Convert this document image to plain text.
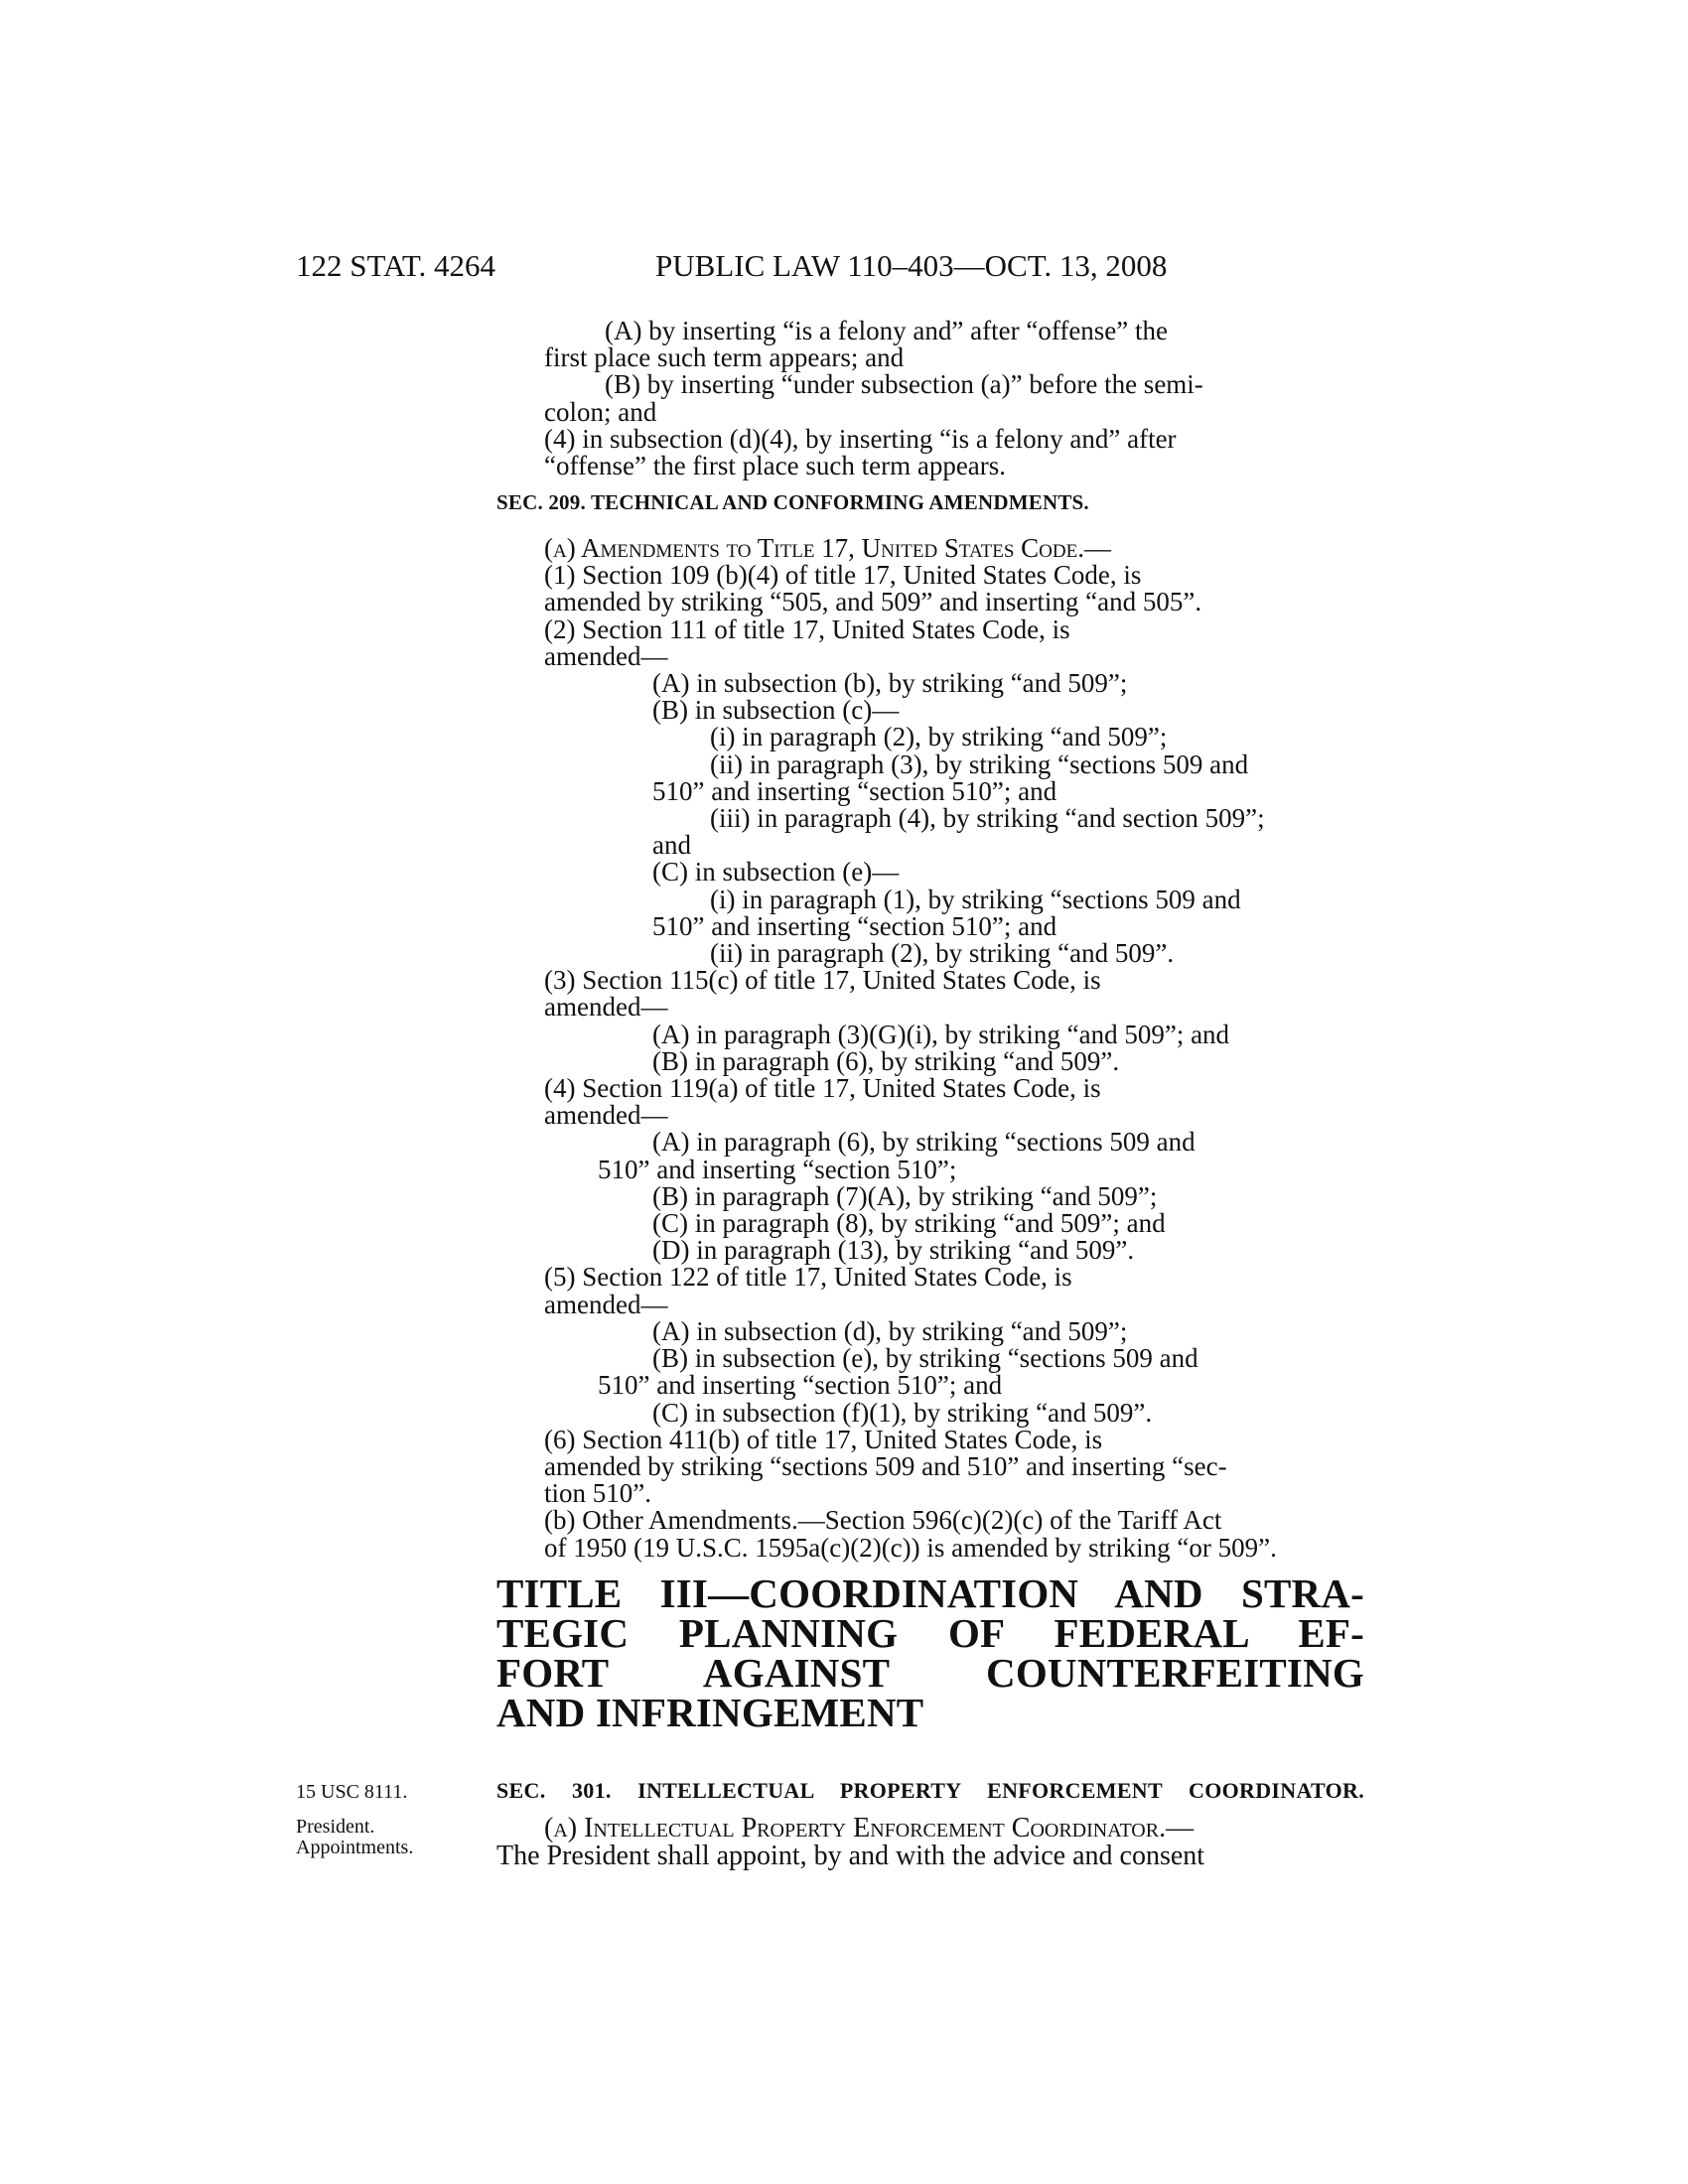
122 STAT. 4264	PUBLIC LAW 110–403—OCT. 13, 2008
(A) by inserting “is a felony and” after “offense” the
first place such term appears; and
(B) by inserting “under subsection (a)” before the semi-
colon; and
(4) in subsection (d)(4), by inserting “is a felony and” after
“offense” the first place such term appears.
SEC. 209. TECHNICAL AND CONFORMING AMENDMENTS.
(a) Amendments to Title 17, United States Code.—
(1) Section 109 (b)(4) of title 17, United States Code, is
amended by striking “505, and 509” and inserting “and 505”.
(2) Section 111 of title 17, United States Code, is
amended—
(A) in subsection (b), by striking “and 509”;
(B) in subsection (c)—
(i) in paragraph (2), by striking “and 509”;
(ii) in paragraph (3), by striking “sections 509 and
510” and inserting “section 510”; and
(iii) in paragraph (4), by striking “and section 509”;
and
(C) in subsection (e)—
(i) in paragraph (1), by striking “sections 509 and
510” and inserting “section 510”; and
(ii) in paragraph (2), by striking “and 509”.
(3) Section 115(c) of title 17, United States Code, is
amended—
(A) in paragraph (3)(G)(i), by striking “and 509”; and
(B) in paragraph (6), by striking “and 509”.
(4) Section 119(a) of title 17, United States Code, is
amended—
(A) in paragraph (6), by striking “sections 509 and
510” and inserting “section 510”;
(B) in paragraph (7)(A), by striking “and 509”;
(C) in paragraph (8), by striking “and 509”; and
(D) in paragraph (13), by striking “and 509”.
(5) Section 122 of title 17, United States Code, is
amended—
(A) in subsection (d), by striking “and 509”;
(B) in subsection (e), by striking “sections 509 and
510” and inserting “section 510”; and
(C) in subsection (f)(1), by striking “and 509”.
(6) Section 411(b) of title 17, United States Code, is
amended by striking “sections 509 and 510” and inserting “sec-
tion 510”.
(b) Other Amendments.—Section 596(c)(2)(c) of the Tariff Act
of 1950 (19 U.S.C. 1595a(c)(2)(c)) is amended by striking “or 509”.
TITLE III—COORDINATION AND STRA-
TEGIC PLANNING OF FEDERAL EF-
FORT AGAINST COUNTERFEITING
AND INFRINGEMENT
15 USC 8111.	SEC. 301. INTELLECTUAL PROPERTY ENFORCEMENT COORDINATOR.
President.
Appointments.
(a) Intellectual Property Enforcement Coordinator.—
The President shall appoint, by and with the advice and consent
